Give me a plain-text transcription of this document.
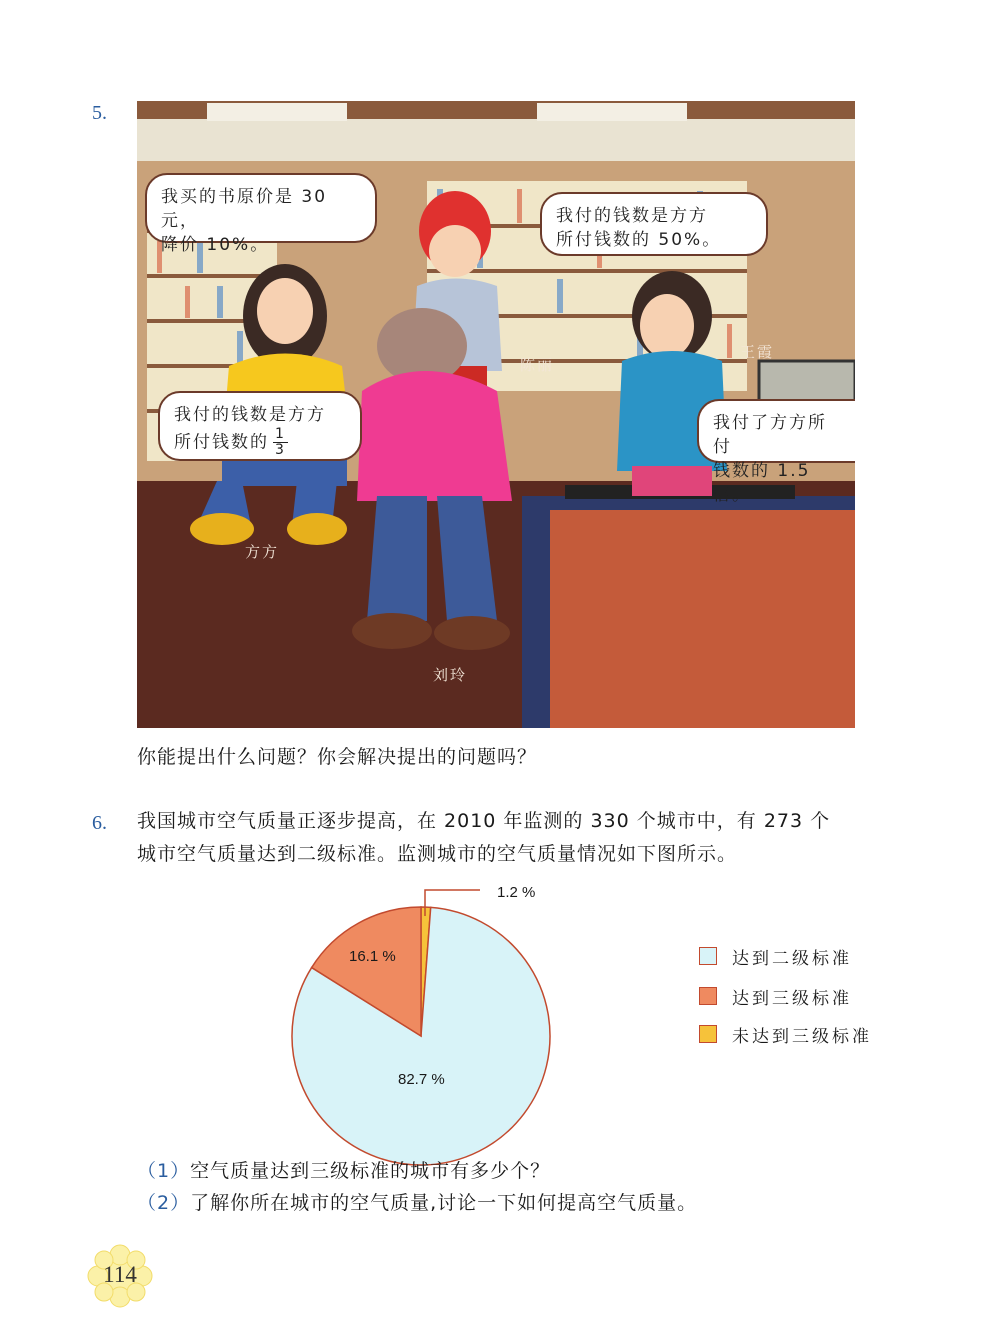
5.
我买的书原价是 30 元，
降价 10%。
我付的钱数是方方
所付钱数的 50%。
我付的钱数是方方
所付钱数的 $\frac{1}{3}$
我付了方方所付
钱数的 1.5 倍。
方方
陈丽
刘玲
王霞
你能提出什么问题？你会解决提出的问题吗？
6. 我国城市空气质量正逐步提高，在 2010 年监测的 330 个城市中，有 273 个
城市空气质量达到二级标准。监测城市的空气质量情况如下图所示。
1.2 %
16.1 %
82.7 %
达到二级标准
达到三级标准
未达到三级标准
（1）空气质量达到三级标准的城市有多少个？
（2）了解你所在城市的空气质量,讨论一下如何提高空气质量。
114
